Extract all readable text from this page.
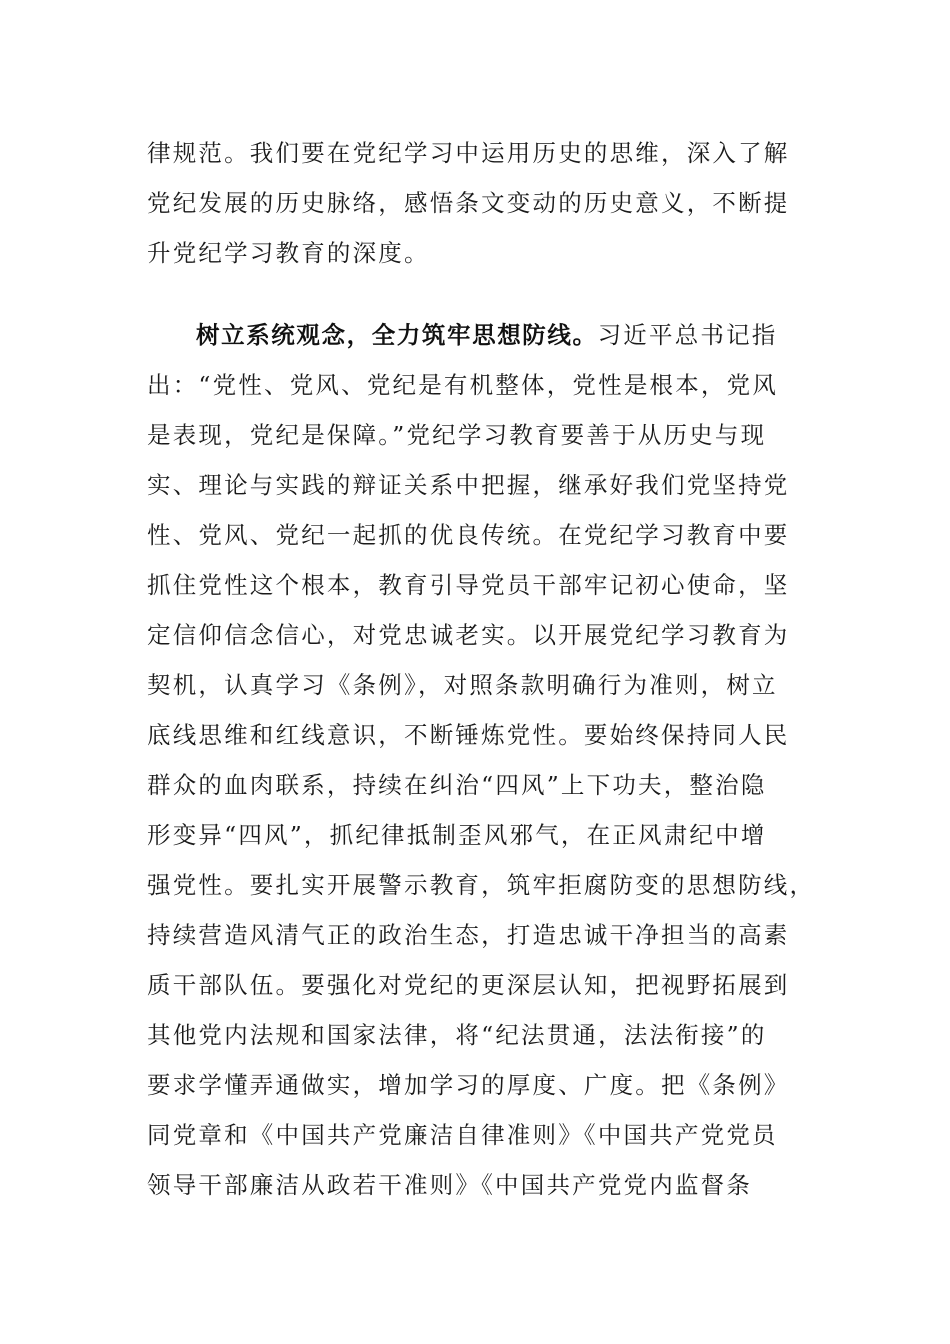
律规范。我们要在党纪学习中运用历史的思维，深入了解
党纪发展的历史脉络，感悟条文变动的历史意义，不断提
升党纪学习教育的深度。
树立系统观念，全力筑牢思想防线。习近平总书记指
出：“党性、党风、党纪是有机整体，党性是根本，党风
是表现，党纪是保障。”党纪学习教育要善于从历史与现
实、理论与实践的辩证关系中把握，继承好我们党坚持党
性、党风、党纪一起抓的优良传统。在党纪学习教育中要
抓住党性这个根本，教育引导党员干部牢记初心使命，坚
定信仰信念信心，对党忠诚老实。以开展党纪学习教育为
契机，认真学习《条例》，对照条款明确行为准则，树立
底线思维和红线意识，不断锤炼党性。要始终保持同人民
群众的血肉联系，持续在纠治“四风”上下功夫，整治隐
形变异“四风”，抓纪律抵制歪风邪气，在正风肃纪中增
强党性。要扎实开展警示教育，筑牢拒腐防变的思想防线，
持续营造风清气正的政治生态，打造忠诚干净担当的高素
质干部队伍。要强化对党纪的更深层认知，把视野拓展到
其他党内法规和国家法律，将“纪法贯通，法法衔接”的
要求学懂弄通做实，增加学习的厚度、广度。把《条例》
同党章和《中国共产党廉洁自律准则》《中国共产党党员
领导干部廉洁从政若干准则》《中国共产党党内监督条
